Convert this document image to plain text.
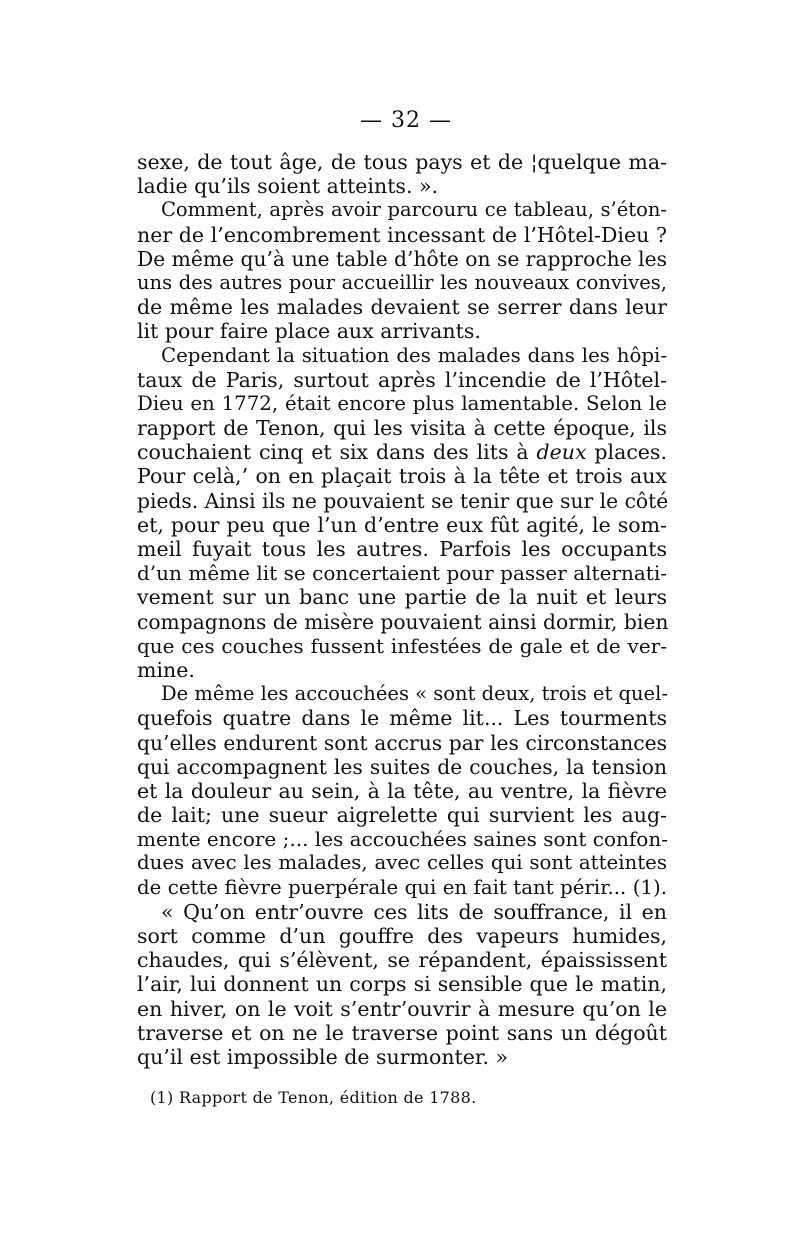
— 32 —
sexe, de tout âge, de tous pays et de ¦quelque ma-
ladie qu’ils soient atteints. ».
Comment, après avoir parcouru ce tableau, s’éton-
ner de l’encombrement incessant de l’Hôtel-Dieu ?
De même qu’à une table d’hôte on se rapproche les
uns des autres pour accueillir les nouveaux convives,
de même les malades devaient se serrer dans leur
lit pour faire place aux arrivants.
Cependant la situation des malades dans les hôpi-
taux de Paris, surtout après l’incendie de l’Hôtel-
Dieu en 1772, était encore plus lamentable. Selon le
rapport de Tenon, qui les visita à cette époque, ils
couchaient cinq et six dans des lits à deux places.
Pour celà,’ on en plaçait trois à la tête et trois aux
pieds. Ainsi ils ne pouvaient se tenir que sur le côté
et, pour peu que l’un d’entre eux fût agité, le som-
meil fuyait tous les autres. Parfois les occupants
d’un même lit se concertaient pour passer alternati-
vement sur un banc une partie de la nuit et leurs
compagnons de misère pouvaient ainsi dormir, bien
que ces couches fussent infestées de gale et de ver-
mine.
De même les accouchées « sont deux, trois et quel-
quefois quatre dans le même lit... Les tourments
qu’elles endurent sont accrus par les circonstances
qui accompagnent les suites de couches, la tension
et la douleur au sein, à la tête, au ventre, la fièvre
de lait; une sueur aigrelette qui survient les aug-
mente encore ;... les accouchées saines sont confon-
dues avec les malades, avec celles qui sont atteintes
de cette fièvre puerpérale qui en fait tant périr... (1).
« Qu’on entr’ouvre ces lits de souffrance, il en
sort comme d’un gouffre des vapeurs humides,
chaudes, qui s’élèvent, se répandent, épaississent
l’air, lui donnent un corps si sensible que le matin,
en hiver, on le voit s’entr’ouvrir à mesure qu’on le
traverse et on ne le traverse point sans un dégoût
qu’il est impossible de surmonter. »
(1) Rapport de Tenon, édition de 1788.
